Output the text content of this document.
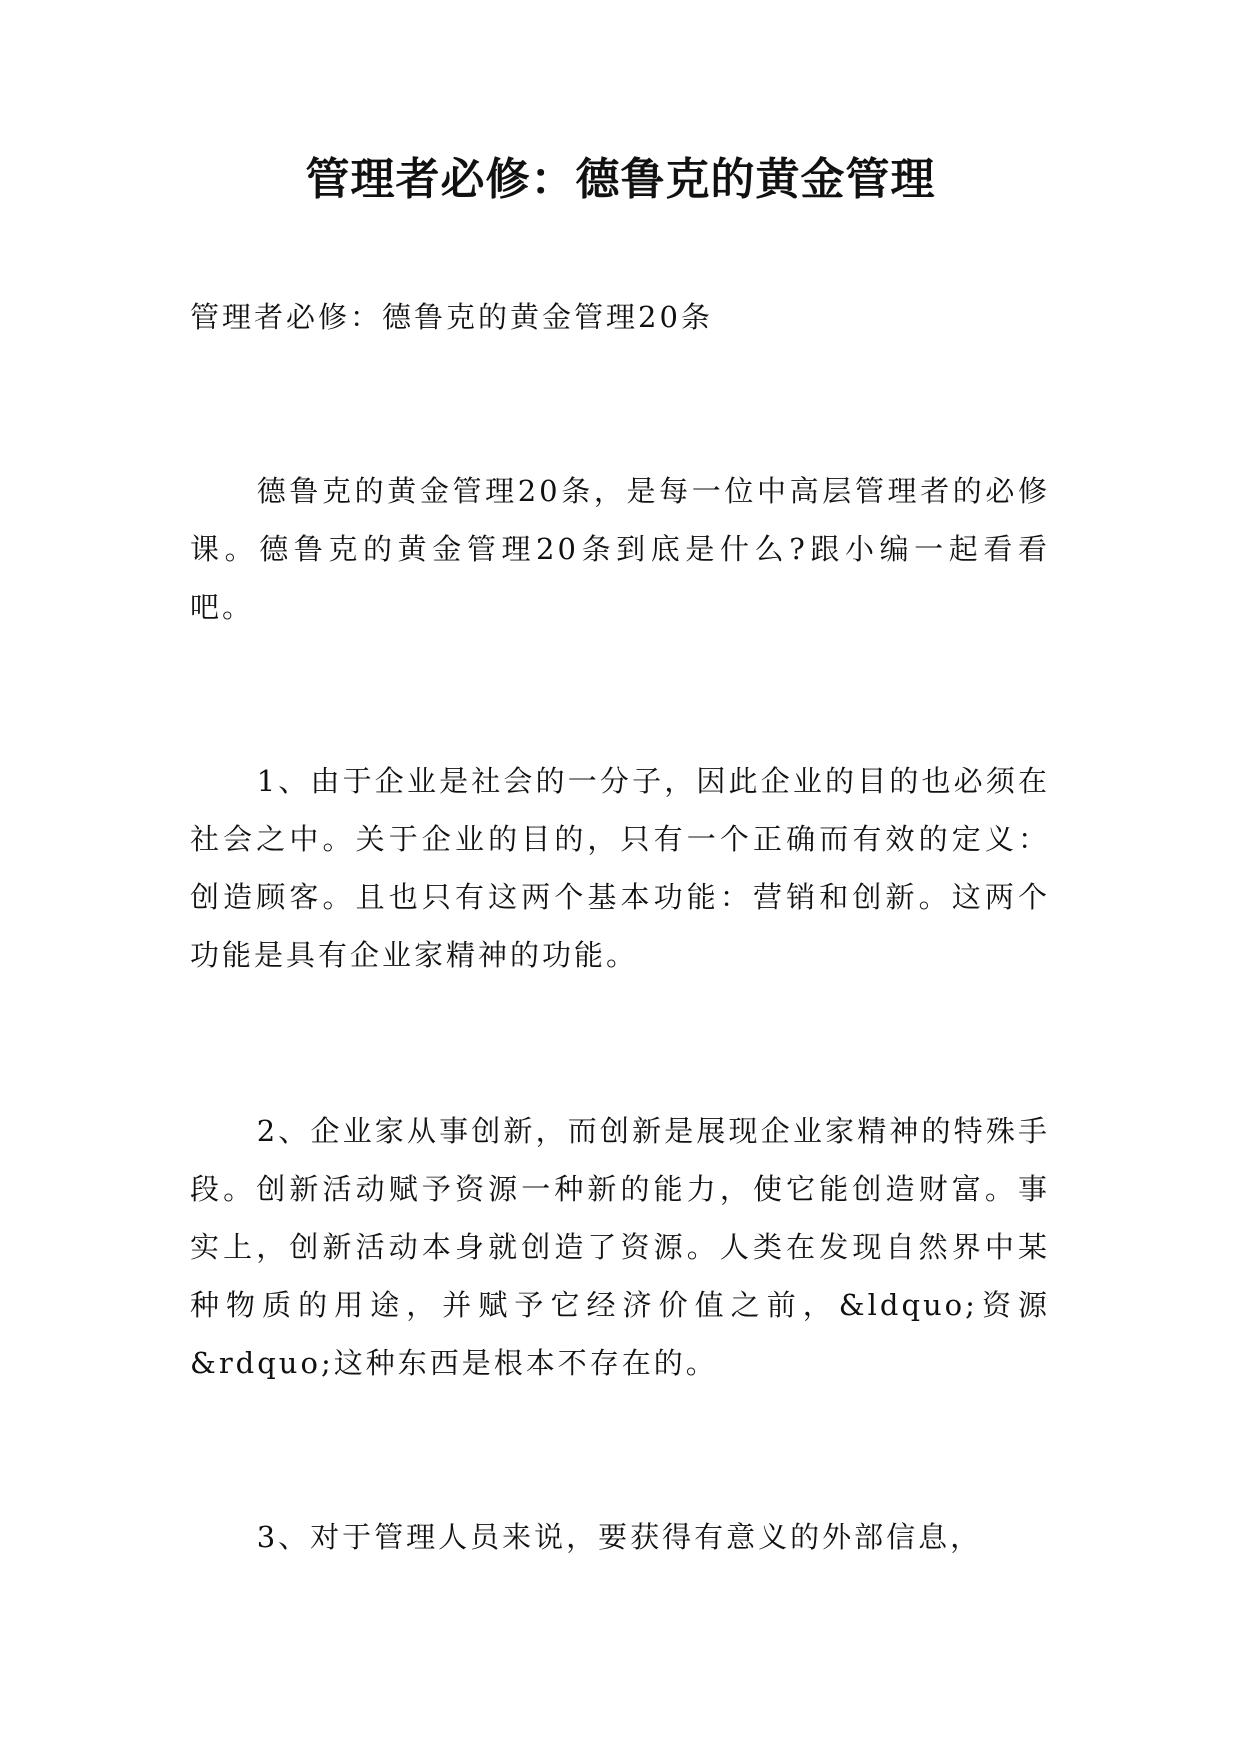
管理者必修：德鲁克的黄金管理

管理者必修：德鲁克的黄金管理20条

德鲁克的黄金管理20条，是每一位中高层管理者的必修课。德鲁克的黄金管理20条到底是什么?跟小编一起看看吧。

1、由于企业是社会的一分子，因此企业的目的也必须在社会之中。关于企业的目的，只有一个正确而有效的定义：创造顾客。且也只有这两个基本功能：营销和创新。这两个功能是具有企业家精神的功能。

2、企业家从事创新，而创新是展现企业家精神的特殊手段。创新活动赋予资源一种新的能力，使它能创造财富。事实上，创新活动本身就创造了资源。人类在发现自然界中某种物质的用途，并赋予它经济价值之前，&ldquo;资源&rdquo;这种东西是根本不存在的。

3、对于管理人员来说，要获得有意义的外部信息，
